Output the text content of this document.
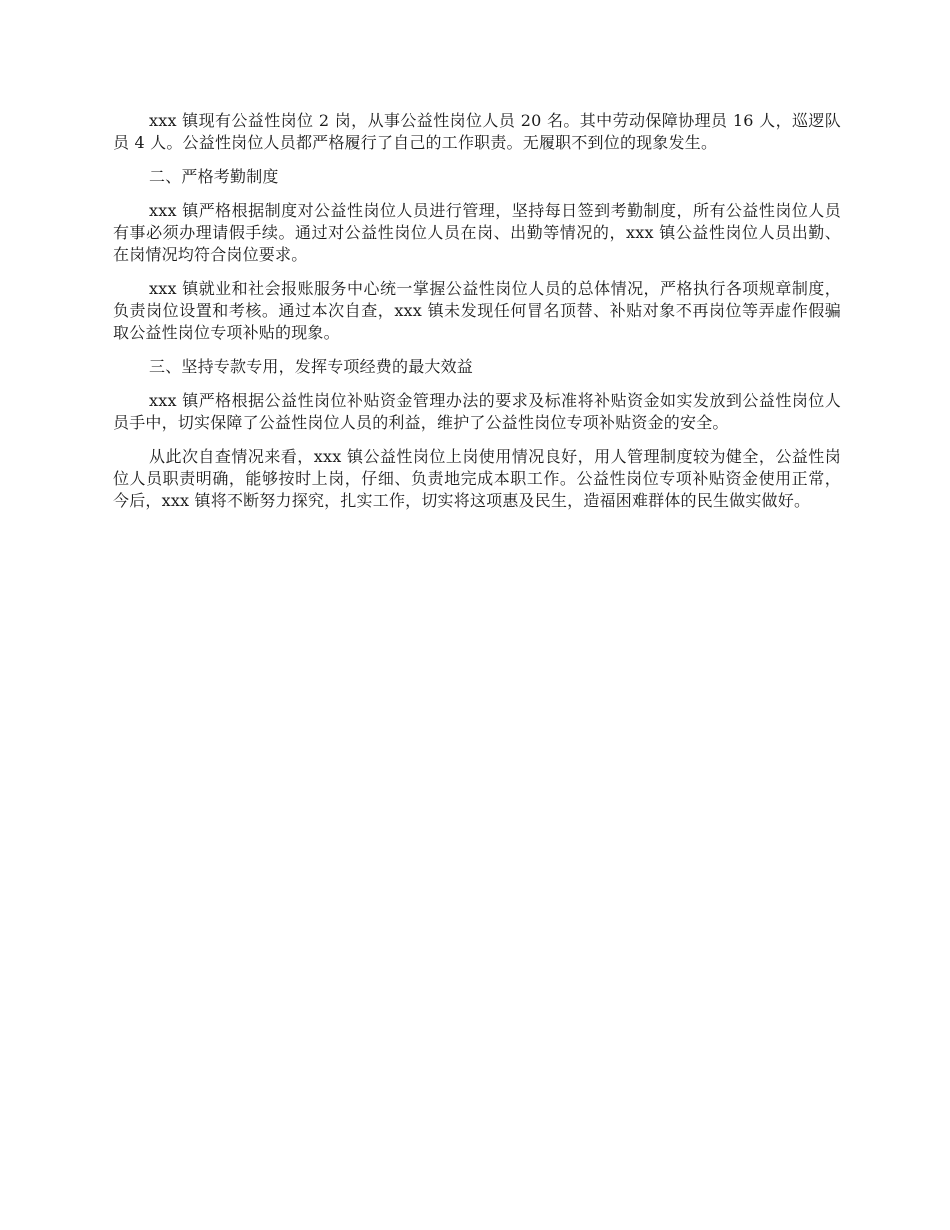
xxx 镇现有公益性岗位 2 岗，从事公益性岗位人员 20 名。其中劳动保障协理员 16 人，巡逻队员 4 人。公益性岗位人员都严格履行了自己的工作职责。无履职不到位的现象发生。

二、严格考勤制度

xxx 镇严格根据制度对公益性岗位人员进行管理，坚持每日签到考勤制度，所有公益性岗位人员有事必须办理请假手续。通过对公益性岗位人员在岗、出勤等情况的，xxx 镇公益性岗位人员出勤、在岗情况均符合岗位要求。

xxx 镇就业和社会报账服务中心统一掌握公益性岗位人员的总体情况，严格执行各项规章制度，负责岗位设置和考核。通过本次自查，xxx 镇未发现任何冒名顶替、补贴对象不再岗位等弄虚作假骗取公益性岗位专项补贴的现象。

三、坚持专款专用，发挥专项经费的最大效益

xxx 镇严格根据公益性岗位补贴资金管理办法的要求及标准将补贴资金如实发放到公益性岗位人员手中，切实保障了公益性岗位人员的利益，维护了公益性岗位专项补贴资金的安全。

从此次自查情况来看，xxx 镇公益性岗位上岗使用情况良好，用人管理制度较为健全，公益性岗位人员职责明确，能够按时上岗，仔细、负责地完成本职工作。公益性岗位专项补贴资金使用正常，今后，xxx 镇将不断努力探究，扎实工作，切实将这项惠及民生，造福困难群体的民生做实做好。
